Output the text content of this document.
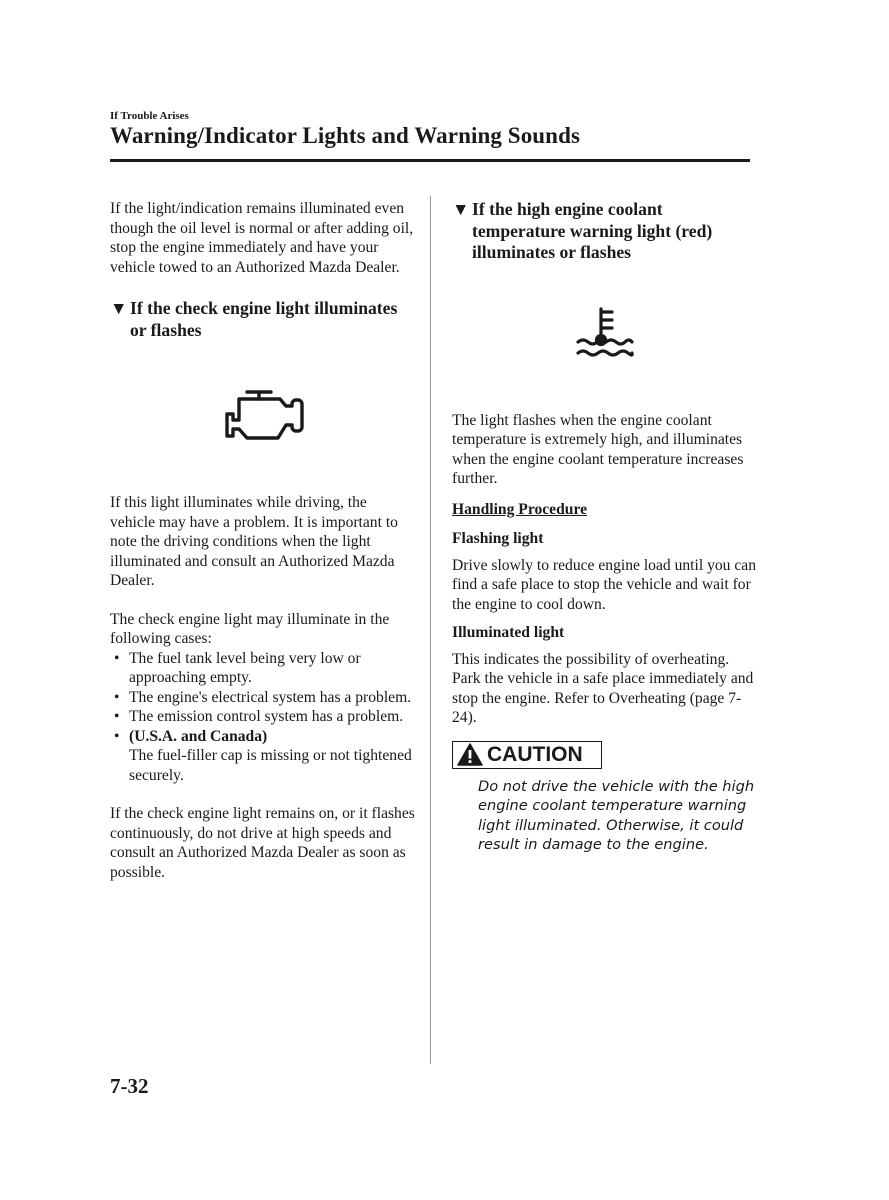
If Trouble Arises
Warning/Indicator Lights and Warning Sounds

If the light/indication remains illuminated even though the oil level is normal or after adding oil, stop the engine immediately and have your vehicle towed to an Authorized Mazda Dealer.

▼ If the check engine light illuminates or flashes

If this light illuminates while driving, the vehicle may have a problem. It is important to note the driving conditions when the light illuminated and consult an Authorized Mazda Dealer.

The check engine light may illuminate in the following cases:

• The fuel tank level being very low or approaching empty.
• The engine's electrical system has a problem.
• The emission control system has a problem.
• (U.S.A. and Canada)
The fuel-filler cap is missing or not tightened securely.

If the check engine light remains on, or it flashes continuously, do not drive at high speeds and consult an Authorized Mazda Dealer as soon as possible.

▼ If the high engine coolant temperature warning light (red) illuminates or flashes

The light flashes when the engine coolant temperature is extremely high, and illuminates when the engine coolant temperature increases further.

Handling Procedure

Flashing light

Drive slowly to reduce engine load until you can find a safe place to stop the vehicle and wait for the engine to cool down.

Illuminated light

This indicates the possibility of overheating. Park the vehicle in a safe place immediately and stop the engine. Refer to Overheating (page 7-24).

CAUTION

Do not drive the vehicle with the high engine coolant temperature warning light illuminated. Otherwise, it could result in damage to the engine.

7-32
